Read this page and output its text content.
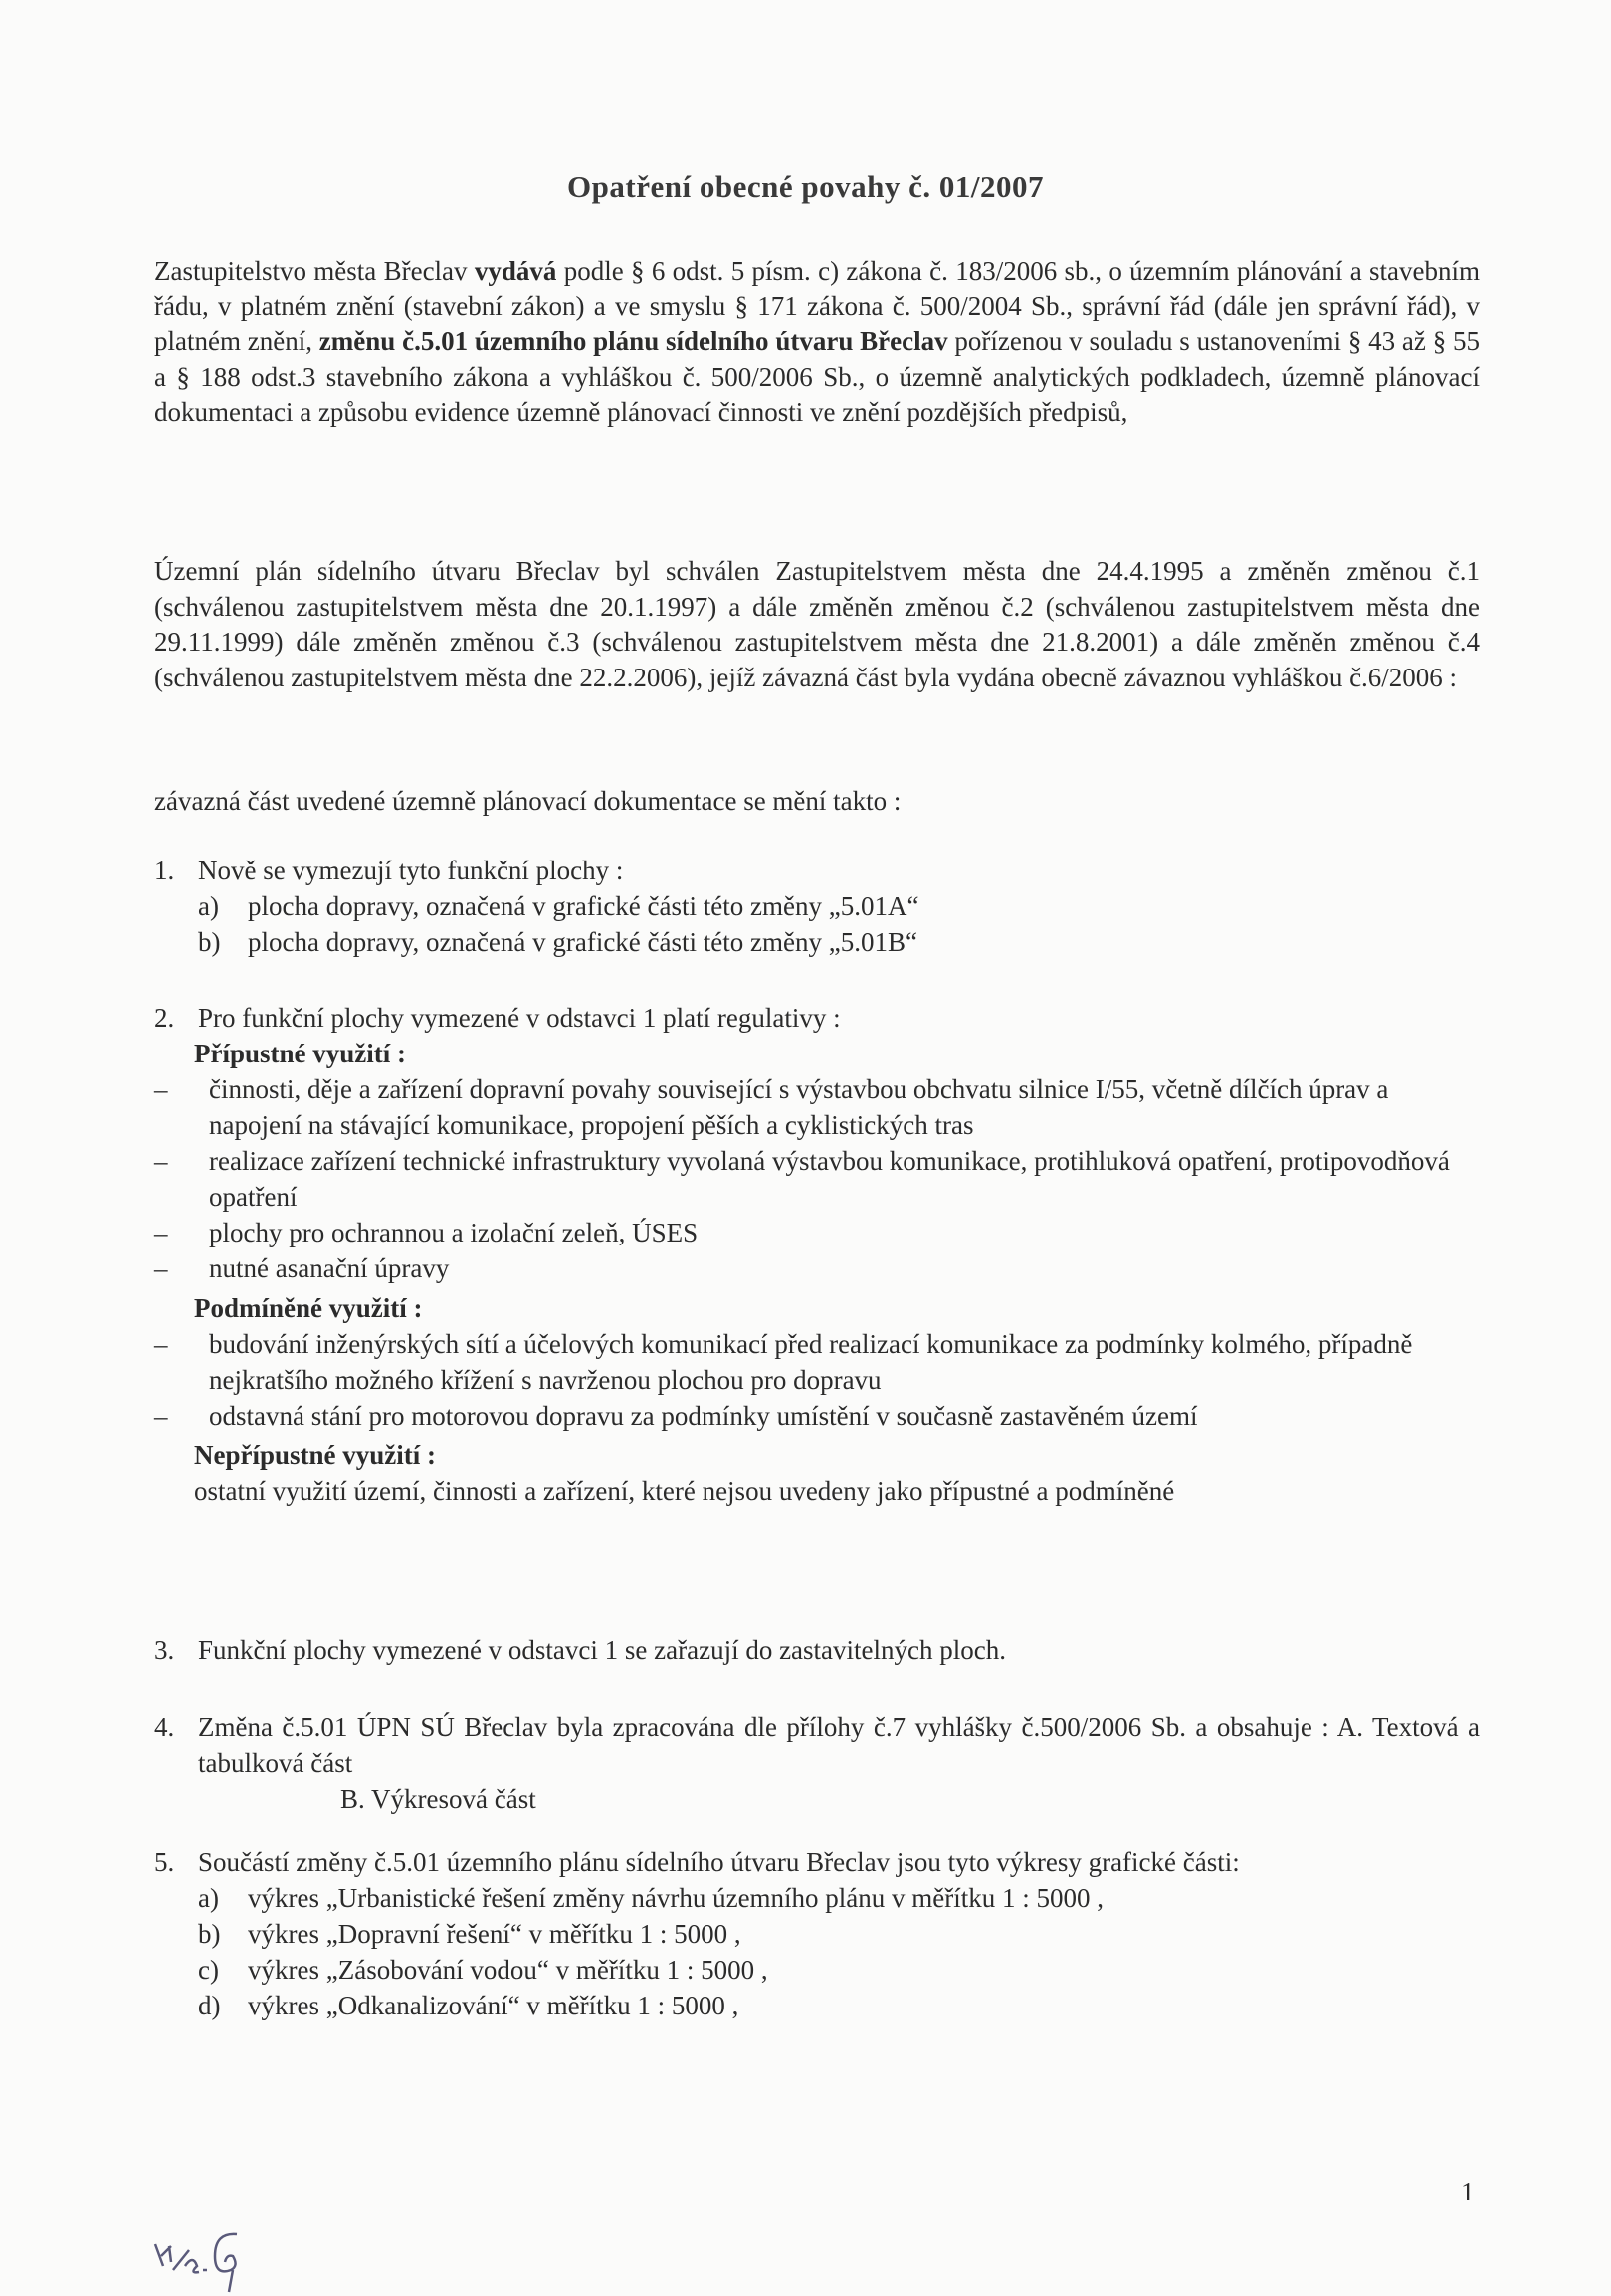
Opatření obecné povahy č. 01/2007
Zastupitelstvo města Břeclav vydává podle § 6 odst. 5 písm. c) zákona č. 183/2006 sb., o územním plánování a stavebním řádu, v platném znění (stavební zákon) a ve smyslu § 171 zákona č. 500/2004 Sb., správní řád (dále jen správní řád), v platném znění, změnu č.5.01 územního plánu sídelního útvaru Břeclav pořízenou v souladu s ustanoveními § 43 až § 55 a § 188 odst.3 stavebního zákona a vyhláškou č. 500/2006 Sb., o územně analytických podkladech, územně plánovací dokumentaci a způsobu evidence územně plánovací činnosti ve znění pozdějších předpisů,
Územní plán sídelního útvaru Břeclav byl schválen Zastupitelstvem města dne 24.4.1995 a změněn změnou č.1 (schválenou zastupitelstvem města dne 20.1.1997) a dále změněn změnou č.2 (schválenou zastupitelstvem města dne 29.11.1999) dále změněn změnou č.3 (schválenou zastupitelstvem města dne 21.8.2001) a dále změněn změnou č.4 (schválenou zastupitelstvem města dne 22.2.2006), jejíž závazná část byla vydána obecně závaznou vyhláškou č.6/2006 :
závazná část uvedené územně plánovací dokumentace se mění takto :
1. Nově se vymezují tyto funkční plochy :
a) plocha dopravy, označená v grafické části této změny „5.01A“
b) plocha dopravy, označená v grafické části této změny „5.01B“
2. Pro funkční plochy vymezené v odstavci 1 platí regulativy :
Přípustné využití :
– činnosti, děje a zařízení dopravní povahy související s výstavbou obchvatu silnice I/55, včetně dílčích úprav a napojení na stávající komunikace, propojení pěších a cyklistických tras
– realizace zařízení technické infrastruktury vyvolaná výstavbou komunikace, protihluková opatření, protipovodňová opatření
– plochy pro ochrannou a izolační zeleň, ÚSES
– nutné asanační úpravy
Podmíněné využití :
– budování inženýrských sítí a účelových komunikací před realizací komunikace za podmínky kolmého, případně nejkratšího možného křížení s navrženou plochou pro dopravu
– odstavná stání pro motorovou dopravu za podmínky umístění v současně zastavěném území
Nepřípustné využití :
ostatní využití území, činnosti a zařízení, které nejsou uvedeny jako přípustné a podmíněné
3. Funkční plochy vymezené v odstavci 1 se zařazují do zastavitelných ploch.
4. Změna č.5.01 ÚPN SÚ Břeclav byla zpracována dle přílohy č.7 vyhlášky č.500/2006 Sb. a obsahuje : A. Textová a tabulková část
B. Výkresová část
5. Součástí změny č.5.01 územního plánu sídelního útvaru Břeclav jsou tyto výkresy grafické části:
a) výkres „Urbanistické řešení změny návrhu územního plánu v měřítku 1 : 5000 ,
b) výkres „Dopravní řešení“ v měřítku 1 : 5000 ,
c) výkres „Zásobování vodou“ v měřítku 1 : 5000 ,
d) výkres „Odkanalizování“ v měřítku 1 : 5000 ,
1
